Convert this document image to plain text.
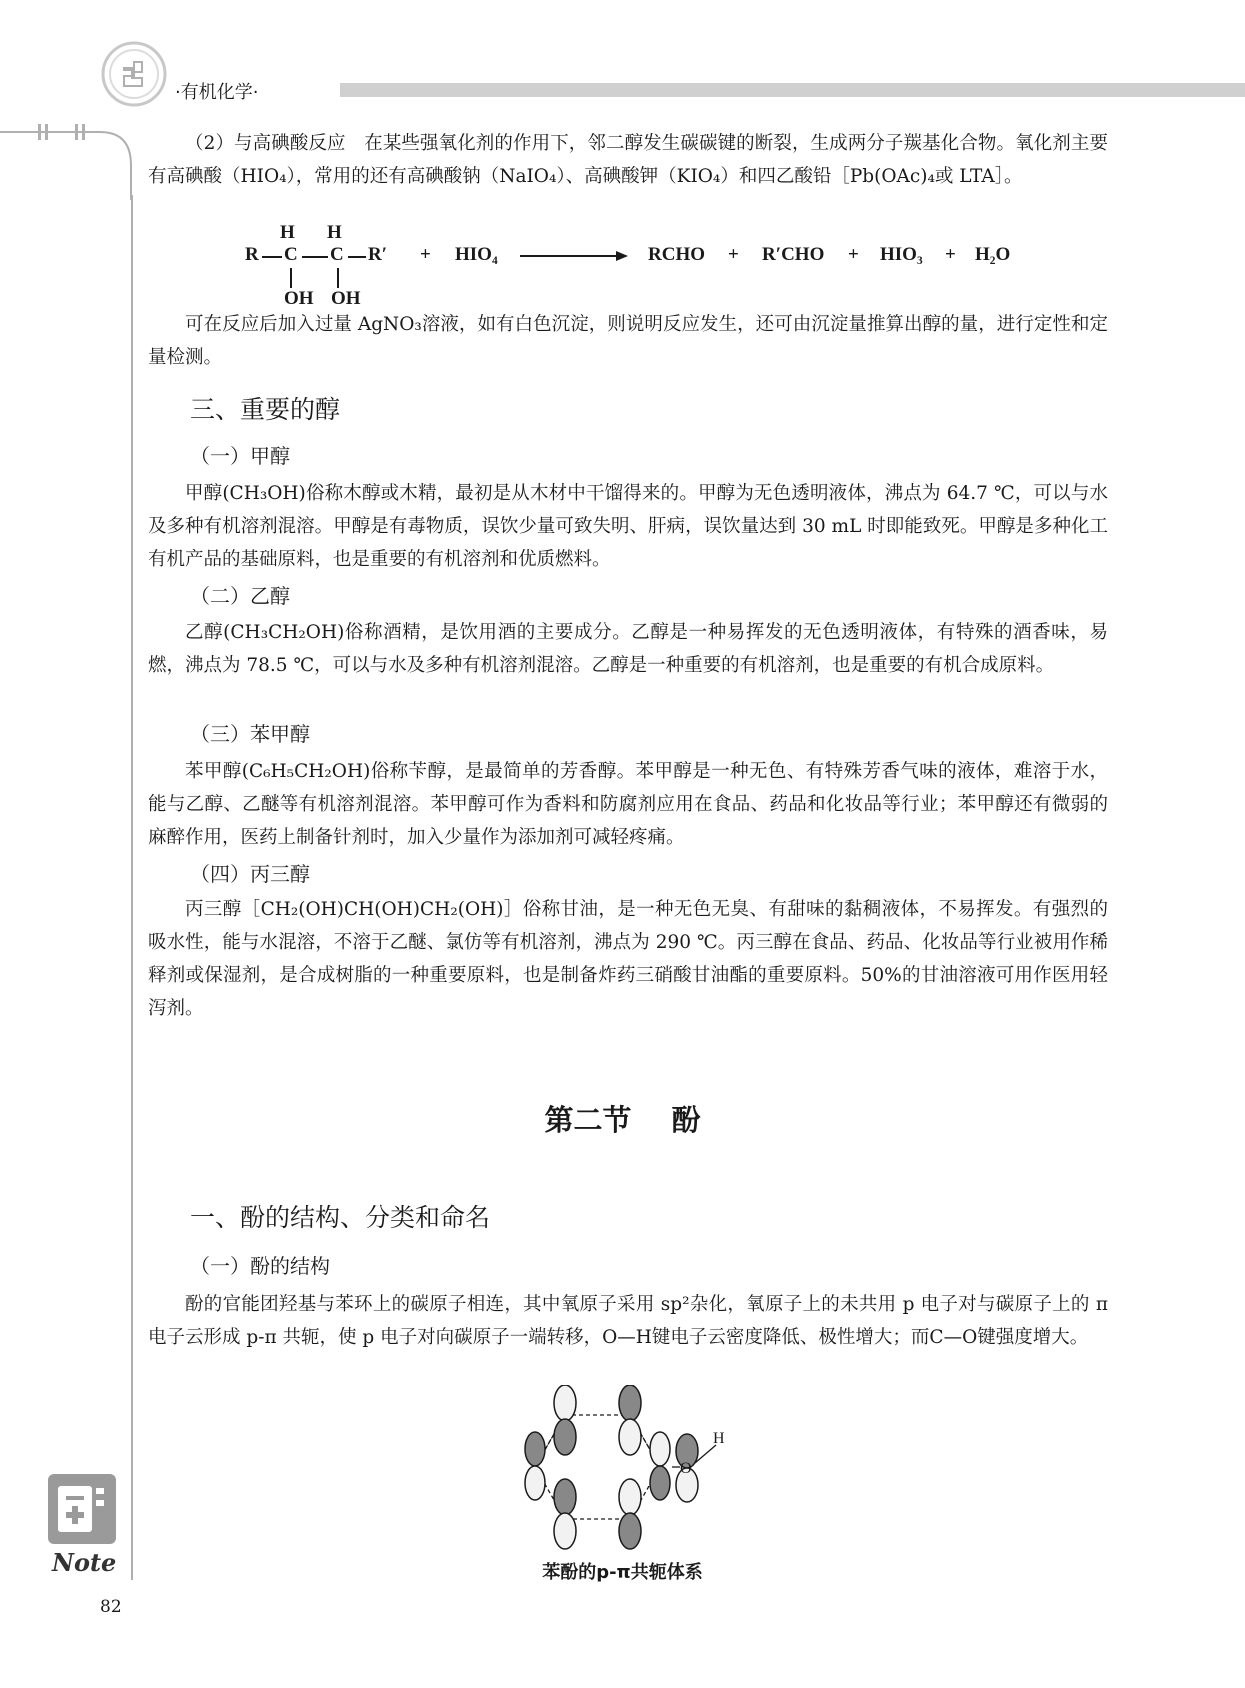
·有机化学·
（2）与高碘酸反应　在某些强氧化剂的作用下，邻二醇发生碳碳键的断裂，生成两分子羰基化合物。氧化剂主要有高碘酸（HIO₄），常用的还有高碘酸钠（NaIO₄）、高碘酸钾（KIO₄）和四乙酸铅［Pb(OAc)₄或 LTA］。
H H
R C C R′
OH OH
+ HIO₄	RCHO + R′CHO + HIO₃ + H₂O
可在反应后加入过量 AgNO₃溶液，如有白色沉淀，则说明反应发生，还可由沉淀量推算出醇的量，进行定性和定量检测。
三、重要的醇
（一）甲醇
甲醇(CH₃OH)俗称木醇或木精，最初是从木材中干馏得来的。甲醇为无色透明液体，沸点为 64.7 ℃，可以与水及多种有机溶剂混溶。甲醇是有毒物质，误饮少量可致失明、肝病，误饮量达到 30 mL 时即能致死。甲醇是多种化工有机产品的基础原料，也是重要的有机溶剂和优质燃料。
（二）乙醇
乙醇(CH₃CH₂OH)俗称酒精，是饮用酒的主要成分。乙醇是一种易挥发的无色透明液体，有特殊的酒香味，易燃，沸点为 78.5 ℃，可以与水及多种有机溶剂混溶。乙醇是一种重要的有机溶剂，也是重要的有机合成原料。
（三）苯甲醇
苯甲醇(C₆H₅CH₂OH)俗称苄醇，是最简单的芳香醇。苯甲醇是一种无色、有特殊芳香气味的液体，难溶于水，能与乙醇、乙醚等有机溶剂混溶。苯甲醇可作为香料和防腐剂应用在食品、药品和化妆品等行业；苯甲醇还有微弱的麻醉作用，医药上制备针剂时，加入少量作为添加剂可减轻疼痛。
（四）丙三醇
丙三醇［CH₂(OH)CH(OH)CH₂(OH)］俗称甘油，是一种无色无臭、有甜味的黏稠液体，不易挥发。有强烈的吸水性，能与水混溶，不溶于乙醚、氯仿等有机溶剂，沸点为 290 ℃。丙三醇在食品、药品、化妆品等行业被用作稀释剂或保湿剂，是合成树脂的一种重要原料，也是制备炸药三硝酸甘油酯的重要原料。50%的甘油溶液可用作医用轻泻剂。
第二节 酚
一、酚的结构、分类和命名
（一）酚的结构
酚的官能团羟基与苯环上的碳原子相连，其中氧原子采用 sp²杂化，氧原子上的未共用 p 电子对与碳原子上的 π 电子云形成 p-π 共轭，使 p 电子对向碳原子一端转移，O—H键电子云密度降低、极性增大；而C—O键强度增大。
O
H
苯酚的p-π共轭体系
Note
82
